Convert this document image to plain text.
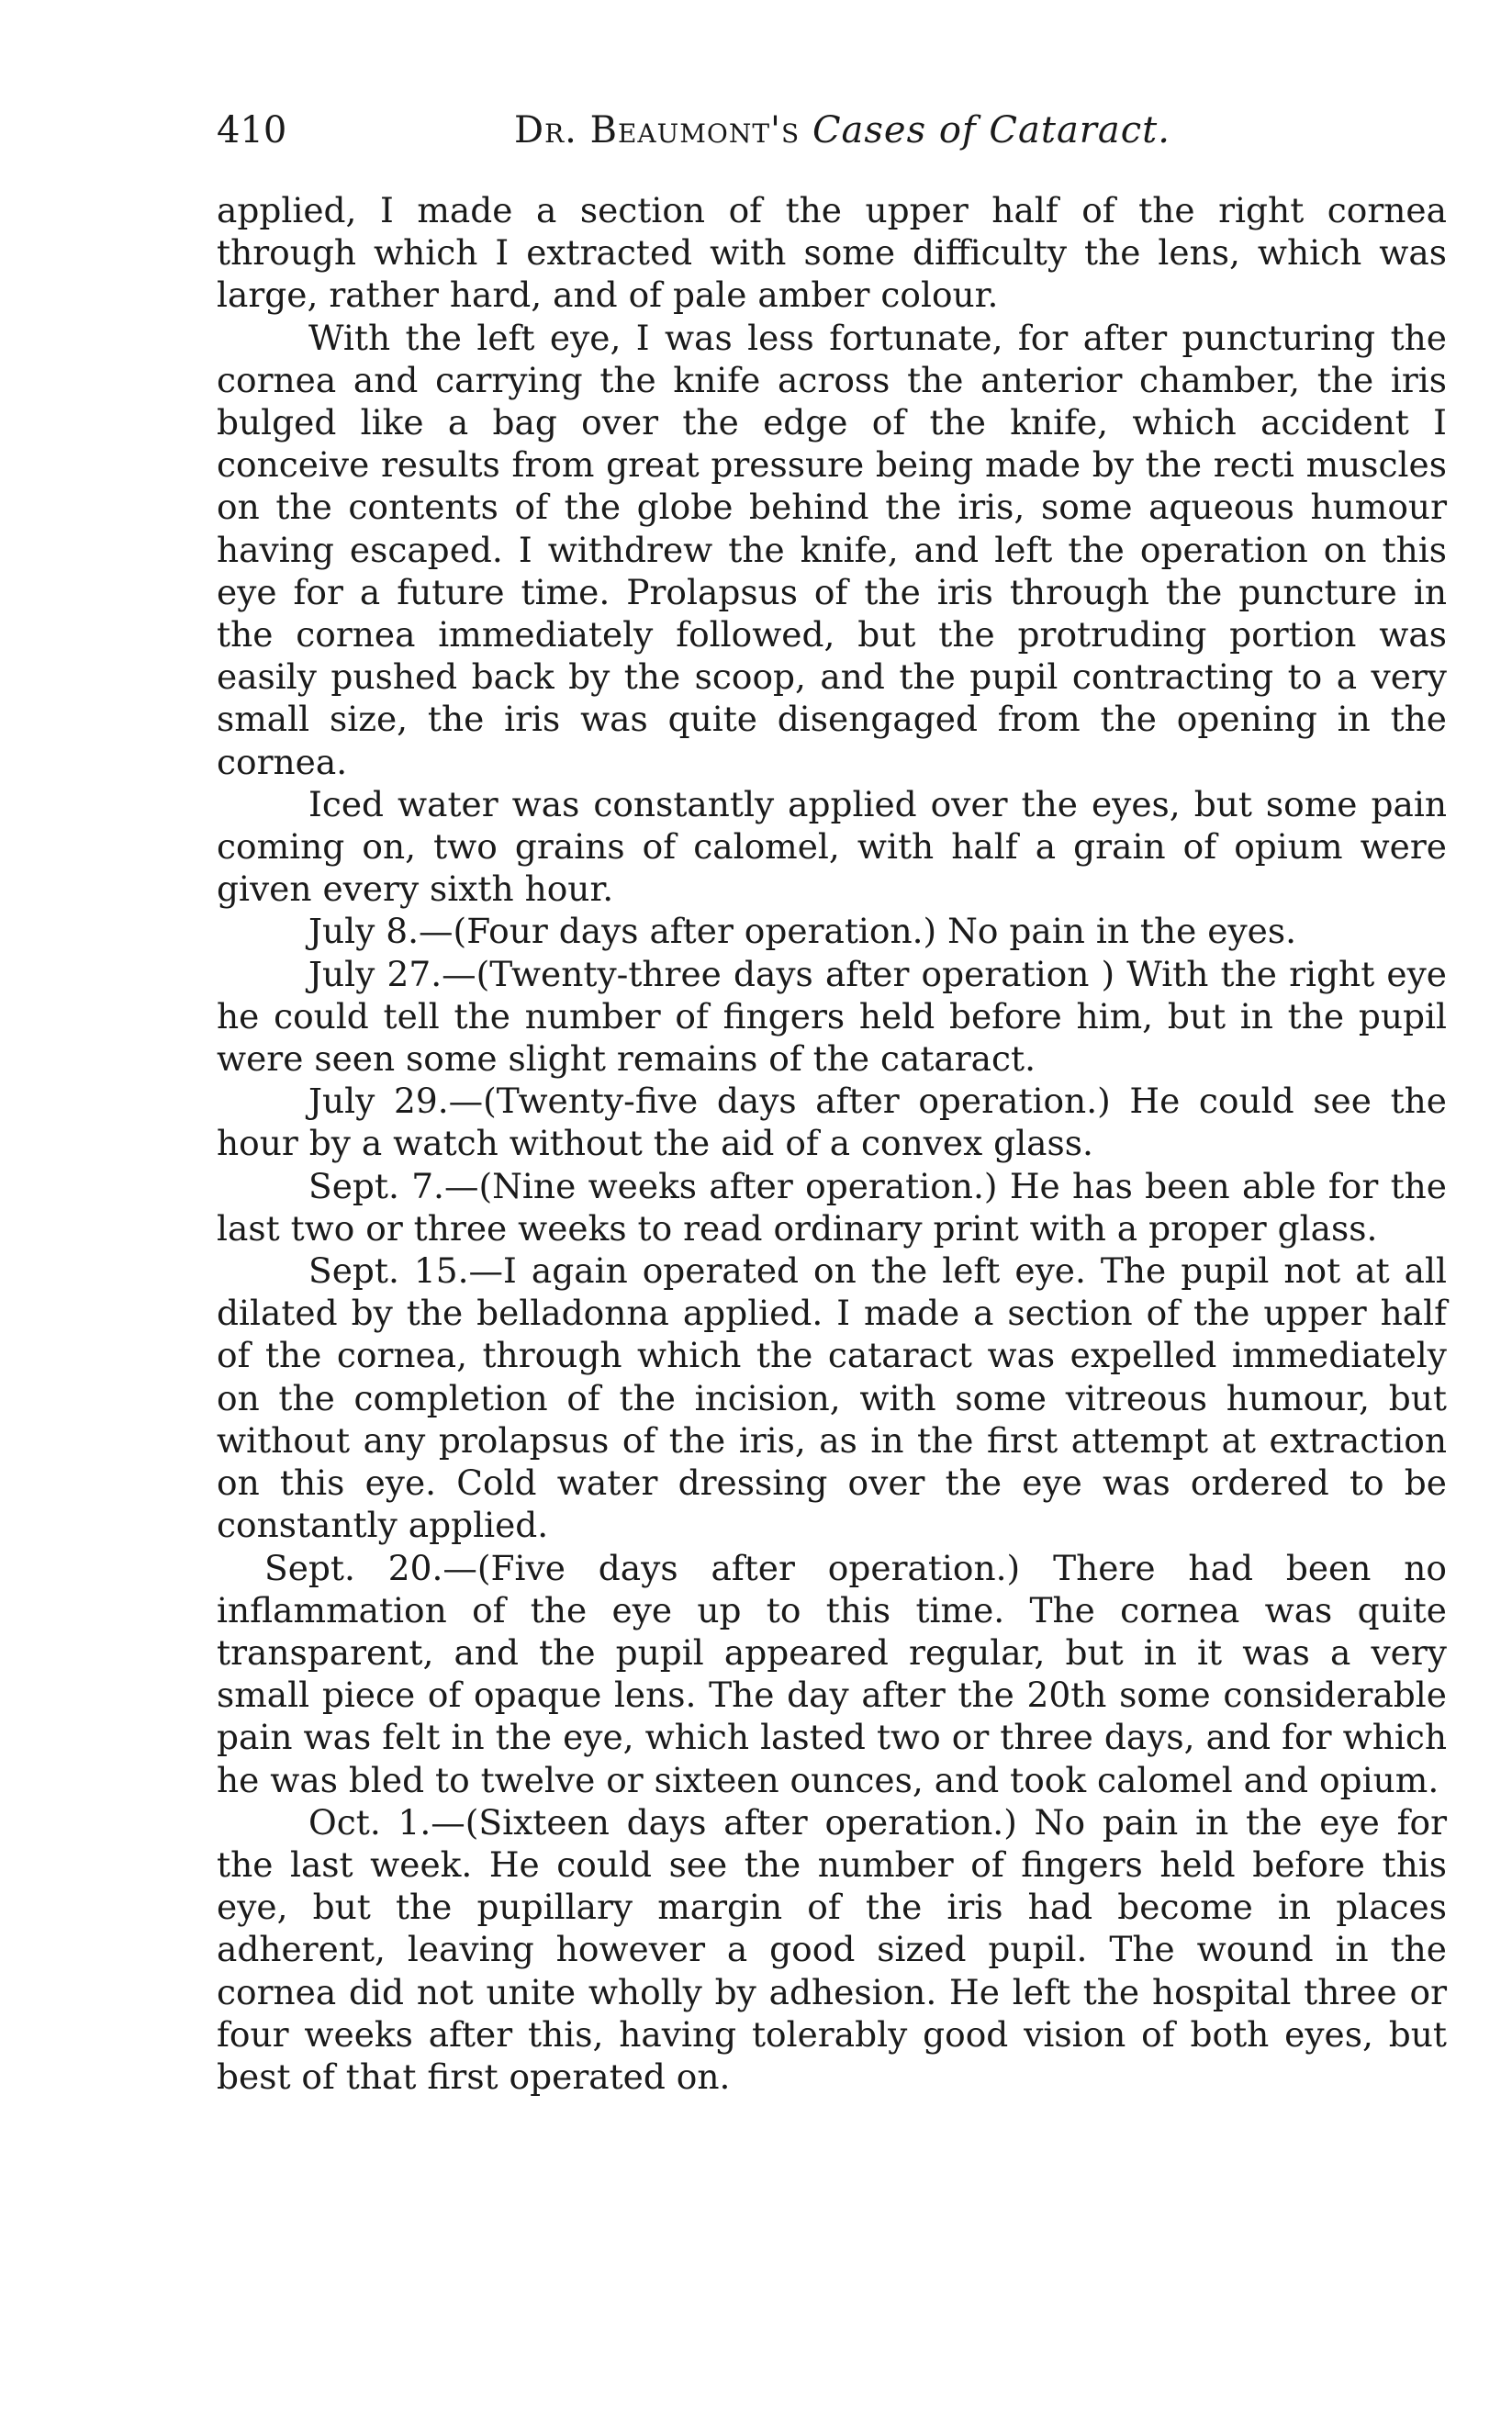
410	Dr. Beaumont's Cases of Cataract.

applied, I made a section of the upper half of the right cornea through which I extracted with some difficulty the lens, which was large, rather hard, and of pale amber colour.

With the left eye, I was less fortunate, for after puncturing the cornea and carrying the knife across the anterior chamber, the iris bulged like a bag over the edge of the knife, which accident I conceive results from great pressure being made by the recti muscles on the contents of the globe behind the iris, some aqueous humour having escaped. I withdrew the knife, and left the operation on this eye for a future time. Prolapsus of the iris through the puncture in the cornea immediately followed, but the protruding portion was easily pushed back by the scoop, and the pupil contracting to a very small size, the iris was quite disengaged from the opening in the cornea.

Iced water was constantly applied over the eyes, but some pain coming on, two grains of calomel, with half a grain of opium were given every sixth hour.

July 8.—(Four days after operation.) No pain in the eyes.

July 27.—(Twenty-three days after operation ) With the right eye he could tell the number of fingers held before him, but in the pupil were seen some slight remains of the cataract.

July 29.—(Twenty-five days after operation.) He could see the hour by a watch without the aid of a convex glass.

Sept. 7.—(Nine weeks after operation.) He has been able for the last two or three weeks to read ordinary print with a proper glass.

Sept. 15.—I again operated on the left eye. The pupil not at all dilated by the belladonna applied. I made a section of the upper half of the cornea, through which the cataract was expelled immediately on the completion of the incision, with some vitreous humour, but without any prolapsus of the iris, as in the first attempt at extraction on this eye. Cold water dressing over the eye was ordered to be constantly applied.

Sept. 20.—(Five days after operation.) There had been no inflammation of the eye up to this time. The cornea was quite transparent, and the pupil appeared regular, but in it was a very small piece of opaque lens. The day after the 20th some considerable pain was felt in the eye, which lasted two or three days, and for which he was bled to twelve or sixteen ounces, and took calomel and opium.

Oct. 1.—(Sixteen days after operation.) No pain in the eye for the last week. He could see the number of fingers held before this eye, but the pupillary margin of the iris had become in places adherent, leaving however a good sized pupil. The wound in the cornea did not unite wholly by adhesion. He left the hospital three or four weeks after this, having tolerably good vision of both eyes, but best of that first operated on.
